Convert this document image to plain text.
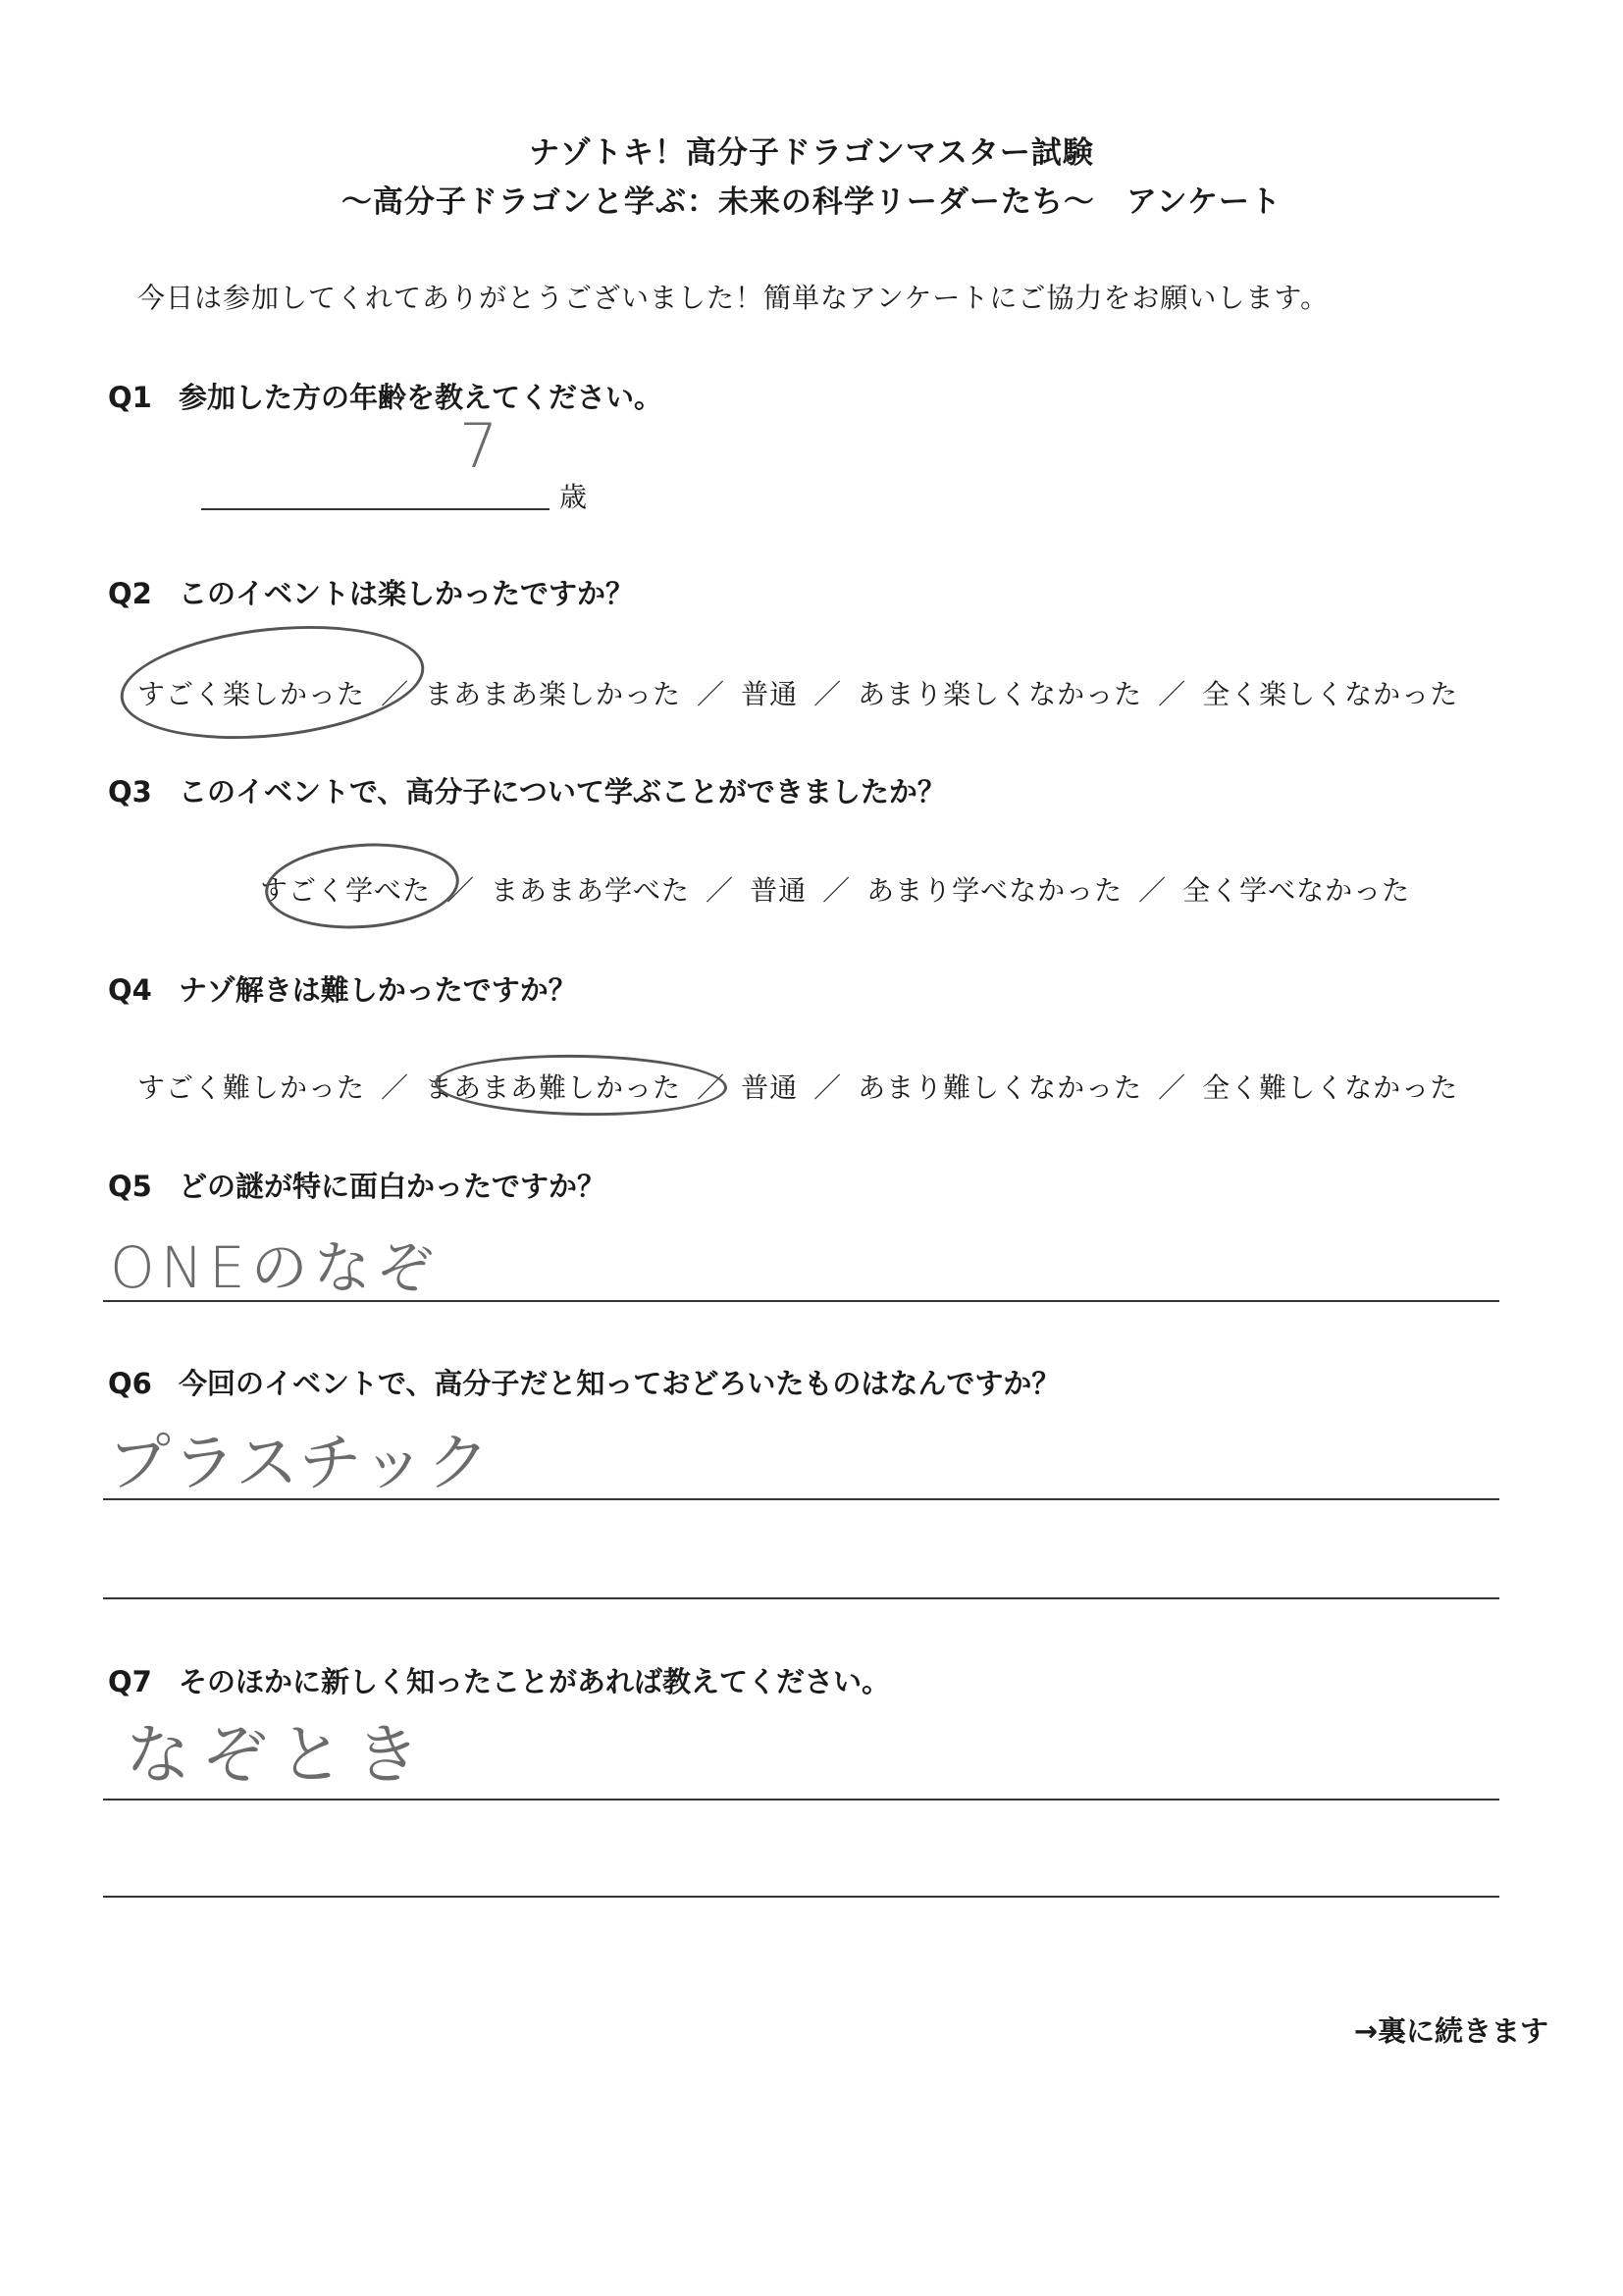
ナゾトキ！高分子ドラゴンマスター試験
～高分子ドラゴンと学ぶ：未来の科学リーダーたち～　アンケート
今日は参加してくれてありがとうございました！簡単なアンケートにご協力をお願いします。
Q1 参加した方の年齢を教えてください。
7
歳
Q2 このイベントは楽しかったですか？
すごく楽しかった ／ まあまあ楽しかった ／ 普通 ／ あまり楽しくなかった ／ 全く楽しくなかった
Q3 このイベントで、高分子について学ぶことができましたか？
すごく学べた ／ まあまあ学べた ／ 普通 ／ あまり学べなかった ／ 全く学べなかった
Q4 ナゾ解きは難しかったですか？
すごく難しかった ／ まあまあ難しかった ／ 普通 ／ あまり難しくなかった ／ 全く難しくなかった
Q5 どの謎が特に面白かったですか？
ONEのなぞ
Q6 今回のイベントで、高分子だと知っておどろいたものはなんですか？
プラスチック
Q7 そのほかに新しく知ったことがあれば教えてください。
なぞとき
→裏に続きます
